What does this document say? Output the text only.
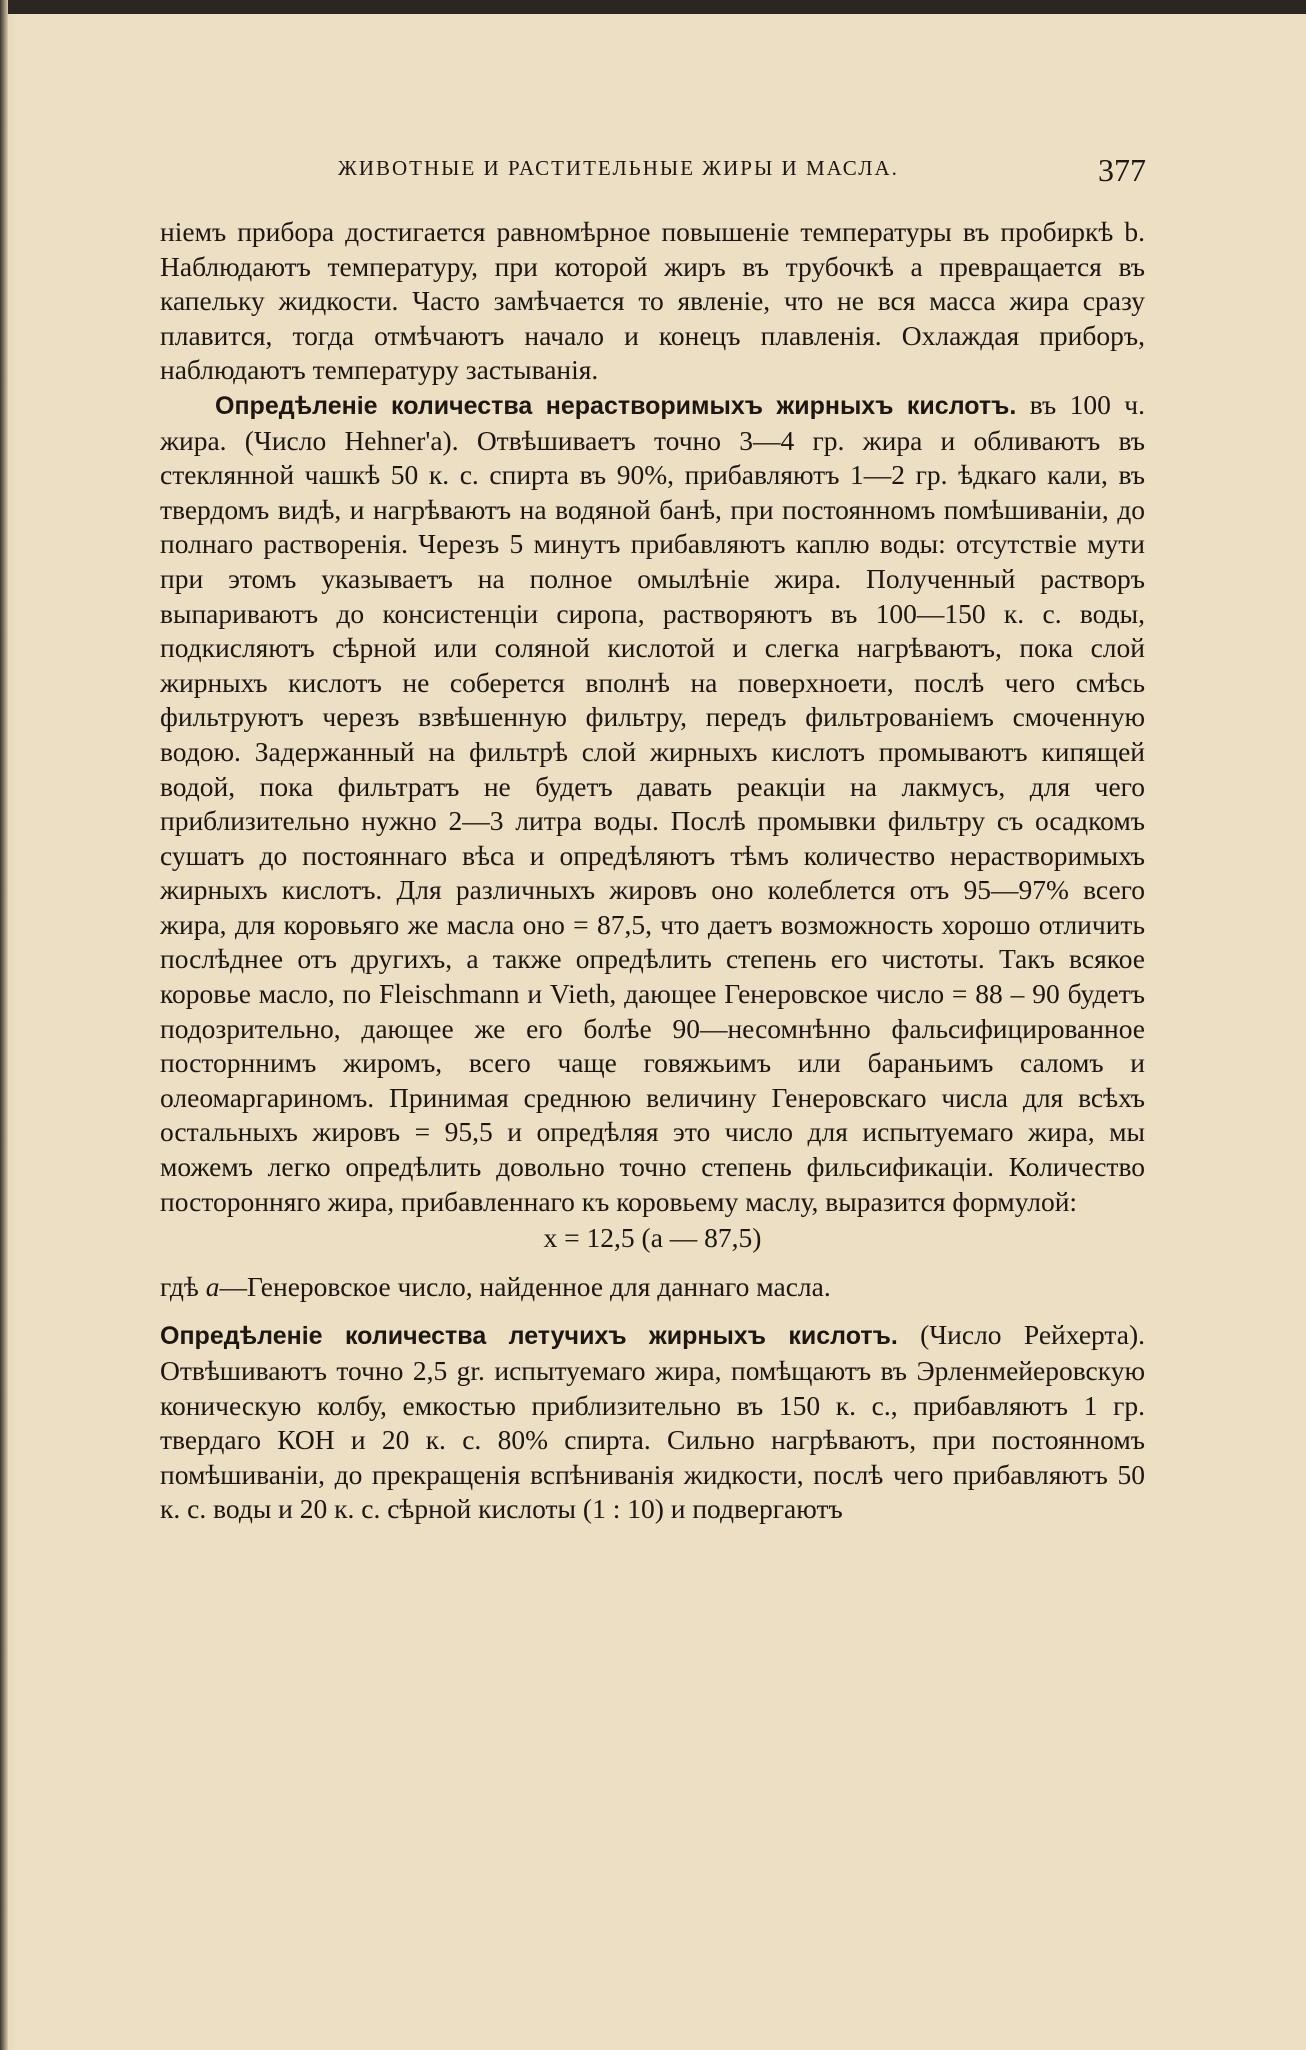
ЖИВОТНЫЕ И РАСТИТЕЛЬНЫЕ ЖИРЫ И МАСЛА.	377

ніемъ прибора достигается равномѣрное повышеніе температуры въ пробиркѣ b. Наблюдаютъ температуру, при которой жиръ въ трубочкѣ a превращается въ капельку жидкости. Часто замѣчается то явленіе, что не вся масса жира сразу плавится, тогда отмѣчаютъ начало и конецъ плавленія. Охлаждая приборъ, наблюдаютъ температуру застыванія.

Опредѣленіе количества нерастворимыхъ жирныхъ кислотъ. въ 100 ч. жира. (Число Hehner'а). Отвѣшиваетъ точно 3—4 гр. жира и обливаютъ въ стеклянной чашкѣ 50 к. с. спирта въ 90%, прибавляютъ 1—2 гр. ѣдкаго кали, въ твердомъ видѣ, и нагрѣваютъ на водяной банѣ, при постоянномъ помѣшиваніи, до полнаго растворенія. Черезъ 5 минутъ прибавляютъ каплю воды: отсутствіе мути при этомъ указываетъ на полное омылѣніе жира. Полученный растворъ выпариваютъ до консистенціи сиропа, растворяютъ въ 100—150 к. с. воды, подкисляютъ сѣрной или соляной кислотой и слегка нагрѣваютъ, пока слой жирныхъ кислотъ не соберется вполнѣ на поверхноети, послѣ чего смѣсь фильтруютъ черезъ взвѣшенную фильтру, передъ фильтрованіемъ смоченную водою. Задержанный на фильтрѣ слой жирныхъ кислотъ промываютъ кипящей водой, пока фильтратъ не будетъ давать реакціи на лакмусъ, для чего приблизительно нужно 2—3 литра воды. Послѣ промывки фильтру съ осадкомъ сушатъ до постояннаго вѣса и опредѣляютъ тѣмъ количество нерастворимыхъ жирныхъ кислотъ. Для различныхъ жировъ оно колеблется отъ 95—97% всего жира, для коровьяго же масла оно = 87,5, что даетъ возможность хорошо отличить послѣднее отъ другихъ, а также опредѣлить степень его чистоты. Такъ всякое коровье масло, по Fleischmann и Vieth, дающее Генеровское число = 88 – 90 будетъ подозрительно, дающее же его болѣе 90—несомнѣнно фальсифицированное посторннимъ жиромъ, всего чаще говяжьимъ или бараньимъ саломъ и олеомаргариномъ. Принимая среднюю величину Генеровскаго числа для всѣхъ остальныхъ жировъ = 95,5 и опредѣляя это число для испытуемаго жира, мы можемъ легко опредѣлить довольно точно степень фильсификаціи. Количество посторонняго жира, прибавленнаго къ коровьему маслу, выразится формулой:

x = 12,5 (a — 87,5)

гдѣ a—Генеровское число, найденное для даннаго масла.

Опредѣленіе количества летучихъ жирныхъ кислотъ. (Число Рейхерта). Отвѣшиваютъ точно 2,5 gr. испытуемаго жира, помѣщаютъ въ Эрленмейеровскую коническую колбу, емкостью приблизительно въ 150 к. с., прибавляютъ 1 гр. твердаго КОН и 20 к. с. 80% спирта. Сильно нагрѣваютъ, при постоянномъ помѣшиваніи, до прекращенія вспѣниванія жидкости, послѣ чего прибавляютъ 50 к. с. воды и 20 к. с. сѣрной кислоты (1 : 10) и подвергаютъ
